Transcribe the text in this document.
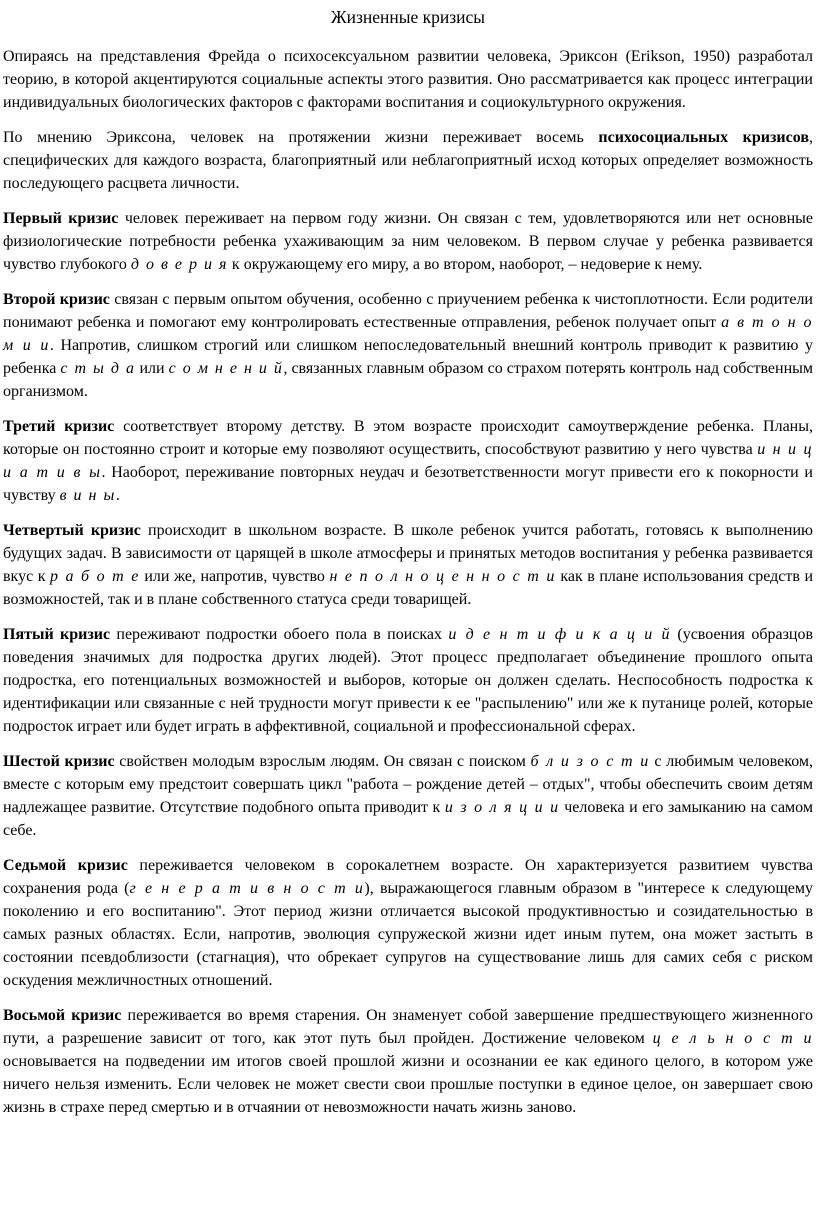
Жизненные кризисы

Опираясь на представления Фрейда о психосексуальном развитии человека, Эриксон (Erikson, 1950) разработал теорию, в которой акцентируются социальные аспекты этого развития. Оно рассматривается как процесс интеграции индивидуальных биологических факторов с факторами воспитания и социокультурного окружения.

По мнению Эриксона, человек на протяжении жизни переживает восемь психосоциальных кризисов, специфических для каждого возраста, благоприятный или неблагоприятный исход которых определяет возможность последующего расцвета личности.

Первый кризис человек переживает на первом году жизни. Он связан с тем, удовлетворяются или нет основные физиологические потребности ребенка ухаживающим за ним человеком. В первом случае у ребенка развивается чувство глубокого д о в е р и я к окружающему его миру, а во втором, наоборот, – недоверие к нему.

Второй кризис связан с первым опытом обучения, особенно с приучением ребенка к чистоплотности. Если родители понимают ребенка и помогают ему контролировать естественные отправления, ребенок получает опыт а в т о н о м и и. Напротив, слишком строгий или слишком непоследовательный внешний контроль приводит к развитию у ребенка с т ы д а или с о м н е н и й, связанных главным образом со страхом потерять контроль над собственным организмом.

Третий кризис соответствует второму детству. В этом возрасте происходит самоутверждение ребенка. Планы, которые он постоянно строит и которые ему позволяют осуществить, способствуют развитию у него чувства и н и ц и а т и в ы. Наоборот, переживание повторных неудач и безответственности могут привести его к покорности и чувству в и н ы.

Четвертый кризис происходит в школьном возрасте. В школе ребенок учится работать, готовясь к выполнению будущих задач. В зависимости от царящей в школе атмосферы и принятых методов воспитания у ребенка развивается вкус к р а б о т е или же, напротив, чувство н е п о л н о ц е н н о с т и как в плане использования средств и возможностей, так и в плане собственного статуса среди товарищей.

Пятый кризис переживают подростки обоего пола в поисках и д е н т и ф и к а ц и й (усвоения образцов поведения значимых для подростка других людей). Этот процесс предполагает объединение прошлого опыта подростка, его потенциальных возможностей и выборов, которые он должен сделать. Неспособность подростка к идентификации или связанные с ней трудности могут привести к ее "распылению" или же к путанице ролей, которые подросток играет или будет играть в аффективной, социальной и профессиональной сферах.

Шестой кризис свойствен молодым взрослым людям. Он связан с поиском б л и з о с т и с любимым человеком, вместе с которым ему предстоит совершать цикл "работа – рождение детей – отдых", чтобы обеспечить своим детям надлежащее развитие. Отсутствие подобного опыта приводит к и з о л я ц и и человека и его замыканию на самом себе.

Седьмой кризис переживается человеком в сорокалетнем возрасте. Он характеризуется развитием чувства сохранения рода (г е н е р а т и в н о с т и), выражающегося главным образом в "интересе к следующему поколению и его воспитанию". Этот период жизни отличается высокой продуктивностью и созидательностью в самых разных областях. Если, напротив, эволюция супружеской жизни идет иным путем, она может застыть в состоянии псевдоблизости (стагнация), что обрекает супругов на существование лишь для самих себя с риском оскудения межличностных отношений.

Восьмой кризис переживается во время старения. Он знаменует собой завершение предшествующего жизненного пути, а разрешение зависит от того, как этот путь был пройден. Достижение человеком ц е л ь н о с т и основывается на подведении им итогов своей прошлой жизни и осознании ее как единого целого, в котором уже ничего нельзя изменить. Если человек не может свести свои прошлые поступки в единое целое, он завершает свою жизнь в страхе перед смертью и в отчаянии от невозможности начать жизнь заново.
